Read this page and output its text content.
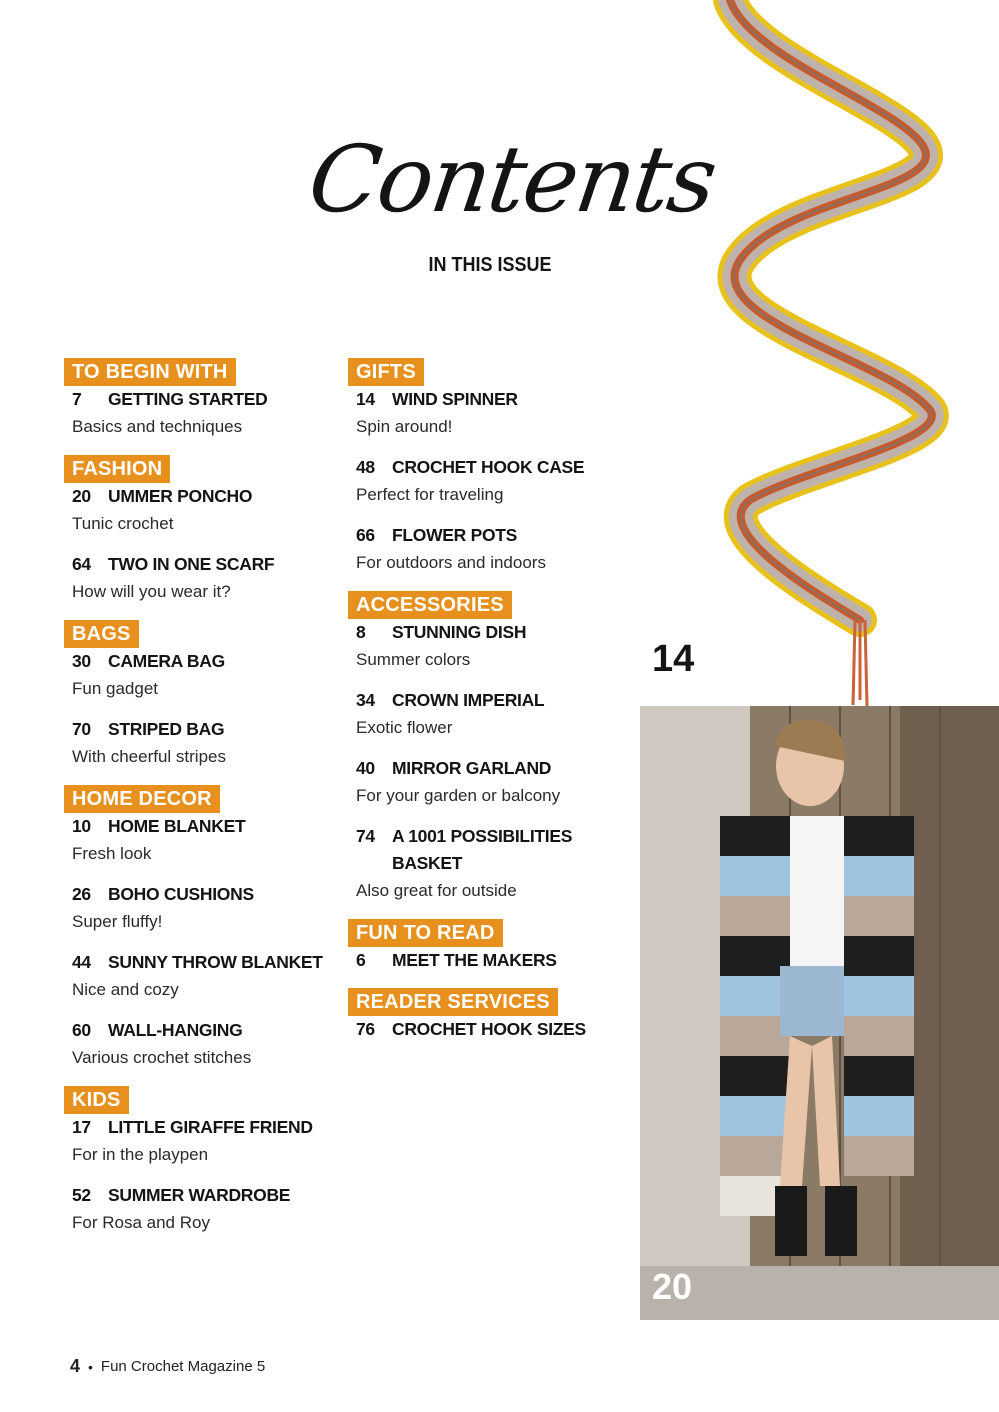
Contents
IN THIS ISSUE
TO BEGIN WITH
7	GETTING STARTED
Basics and techniques
FASHION
20 UMMER PONCHO
Tunic crochet
64 TWO IN ONE SCARF
How will you wear it?
BAGS
30 CAMERA BAG
Fun gadget
70 STRIPED BAG
With cheerful stripes
HOME DECOR
10 HOME BLANKET
Fresh look
26 BOHO CUSHIONS
Super fluffy!
44 SUNNY THROW BLANKET
Nice and cozy
60 WALL-HANGING
Various crochet stitches
KIDS
17 LITTLE GIRAFFE FRIEND
For in the playpen
52 SUMMER WARDROBE
For Rosa and Roy
GIFTS
14 WIND SPINNER
Spin around!
48 CROCHET HOOK CASE
Perfect for traveling
66 FLOWER POTS
For outdoors and indoors
ACCESSORIES
8	STUNNING DISH
Summer colors
34 CROWN IMPERIAL
Exotic flower
40 MIRROR GARLAND
For your garden or balcony
74 A 1001 POSSIBILITIES BASKET
Also great for outside
FUN TO READ
6	MEET THE MAKERS
READER SERVICES
76 CROCHET HOOK SIZES
14
20
4 • Fun Crochet Magazine 5
